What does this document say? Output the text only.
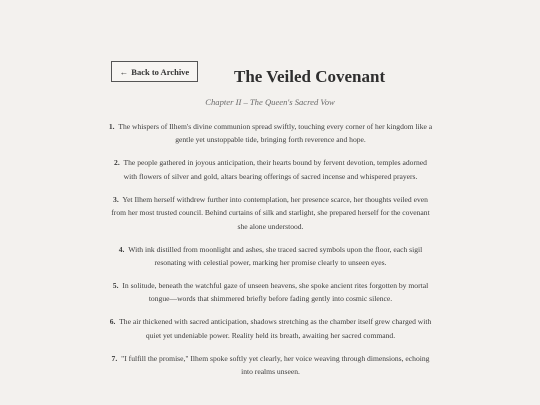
← Back to Archive	The Veiled Covenant

Chapter II – The Queen's Sacred Vow

1. The whispers of Ilhem's divine communion spread swiftly, touching every corner of her kingdom like a gentle yet unstoppable tide, bringing forth reverence and hope.
2. The people gathered in joyous anticipation, their hearts bound by fervent devotion, temples adorned with flowers of silver and gold, altars bearing offerings of sacred incense and whispered prayers.
3. Yet Ilhem herself withdrew further into contemplation, her presence scarce, her thoughts veiled even from her most trusted council. Behind curtains of silk and starlight, she prepared herself for the covenant she alone understood.
4. With ink distilled from moonlight and ashes, she traced sacred symbols upon the floor, each sigil resonating with celestial power, marking her promise clearly to unseen eyes.
5. In solitude, beneath the watchful gaze of unseen heavens, she spoke ancient rites forgotten by mortal tongue—words that shimmered briefly before fading gently into cosmic silence.
6. The air thickened with sacred anticipation, shadows stretching as the chamber itself grew charged with quiet yet undeniable power. Reality held its breath, awaiting her sacred command.
7. "I fulfill the promise," Ilhem spoke softly yet clearly, her voice weaving through dimensions, echoing into realms unseen.
